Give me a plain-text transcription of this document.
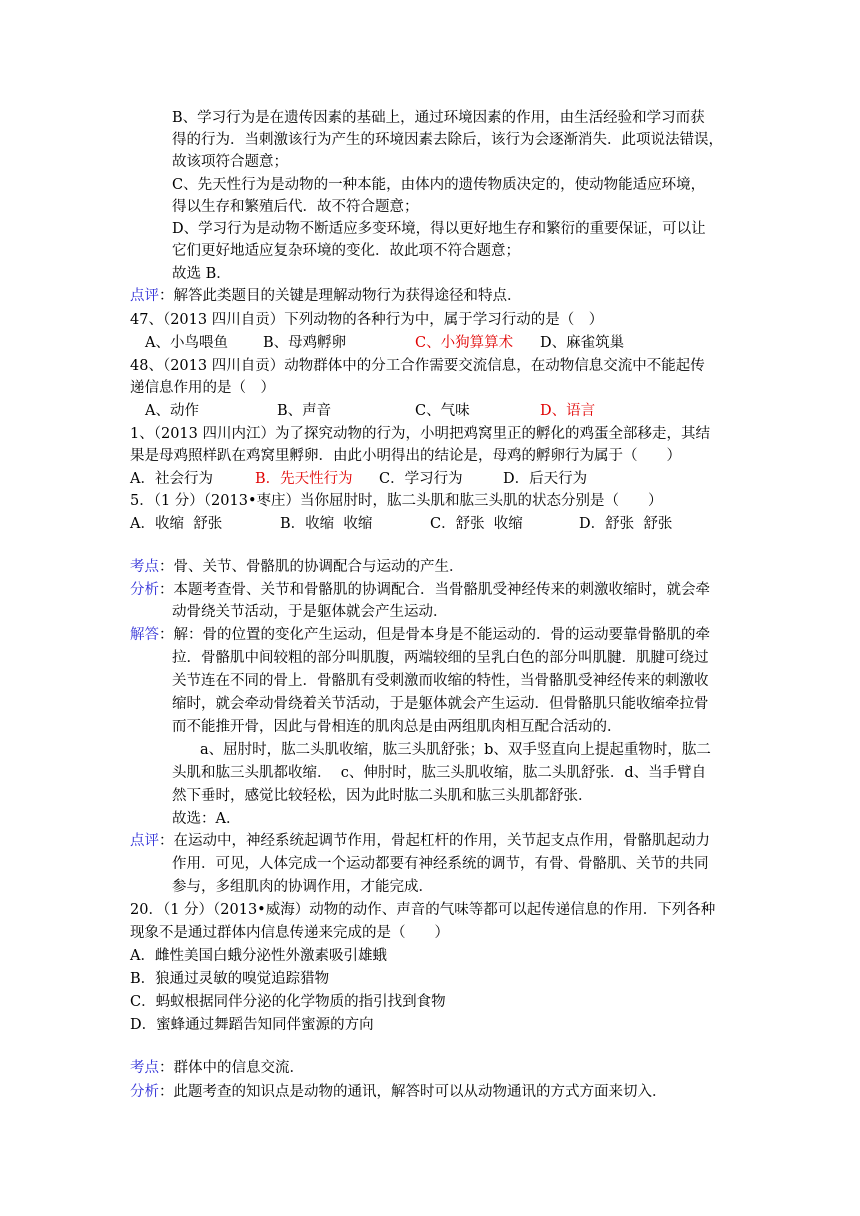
B、学习行为是在遗传因素的基础上，通过环境因素的作用，由生活经验和学习而获
得的行为．当刺激该行为产生的环境因素去除后，该行为会逐渐消失．此项说法错误，
故该项符合题意；
C、先天性行为是动物的一种本能，由体内的遗传物质决定的，使动物能适应环境，
得以生存和繁殖后代．故不符合题意；
D、学习行为是动物不断适应多变环境，得以更好地生存和繁衍的重要保证，可以让
它们更好地适应复杂环境的变化．故此项不符合题意；
故选 B．
点评：解答此类题目的关键是理解动物行为获得途径和特点．
47、（2013 四川自贡）下列动物的各种行为中，属于学习行动的是（　）
A、小鸟喂鱼 B、母鸡孵卵	C、小狗算算术 D、麻雀筑巢
48、（2013 四川自贡）动物群体中的分工合作需要交流信息，在动物信息交流中不能起传
递信息作用的是（　）
A、动作	B、声音	C、气味	D、语言
1、（2013 四川内江）为了探究动物的行为，小明把鸡窝里正的孵化的鸡蛋全部移走，其结
果是母鸡照样趴在鸡窝里孵卵．由此小明得出的结论是，母鸡的孵卵行为属于（　　）
A．社会行为	B．先天性行为 C．学习行为	D．后天行为
5．（1 分）（2013•枣庄）当你屈肘时，肱二头肌和肱三头肌的状态分别是（　　）
A．收缩  舒张	B．收缩  收缩	C．舒张  收缩	D．舒张  舒张
考点：骨、关节、骨骼肌的协调配合与运动的产生．
分析：本题考查骨、关节和骨骼肌的协调配合．当骨骼肌受神经传来的刺激收缩时，就会牵
动骨绕关节活动，于是躯体就会产生运动．
解答：解：骨的位置的变化产生运动，但是骨本身是不能运动的．骨的运动要靠骨骼肌的牵
拉．骨骼肌中间较粗的部分叫肌腹，两端较细的呈乳白色的部分叫肌腱．肌腱可绕过
关节连在不同的骨上．骨骼肌有受刺激而收缩的特性，当骨骼肌受神经传来的刺激收
缩时，就会牵动骨绕着关节活动，于是躯体就会产生运动．但骨骼肌只能收缩牵拉骨
而不能推开骨，因此与骨相连的肌肉总是由两组肌肉相互配合活动的．
a、屈肘时，肱二头肌收缩，肱三头肌舒张；b、双手竖直向上提起重物时，肱二
头肌和肱三头肌都收缩．  c、伸肘时，肱三头肌收缩，肱二头肌舒张．d、当手臂自
然下垂时，感觉比较轻松，因为此时肱二头肌和肱三头肌都舒张．
故选：A．
点评：在运动中，神经系统起调节作用，骨起杠杆的作用，关节起支点作用，骨骼肌起动力
作用．可见，人体完成一个运动都要有神经系统的调节，有骨、骨骼肌、关节的共同
参与，多组肌肉的协调作用，才能完成．
20．（1 分）（2013•威海）动物的动作、声音的气味等都可以起传递信息的作用．下列各种
现象不是通过群体内信息传递来完成的是（　　）
A．雌性美国白蛾分泌性外激素吸引雄蛾
B．狼通过灵敏的嗅觉追踪猎物
C．蚂蚁根据同伴分泌的化学物质的指引找到食物
D．蜜蜂通过舞蹈告知同伴蜜源的方向
考点：群体中的信息交流．
分析：此题考查的知识点是动物的通讯，解答时可以从动物通讯的方式方面来切入．
